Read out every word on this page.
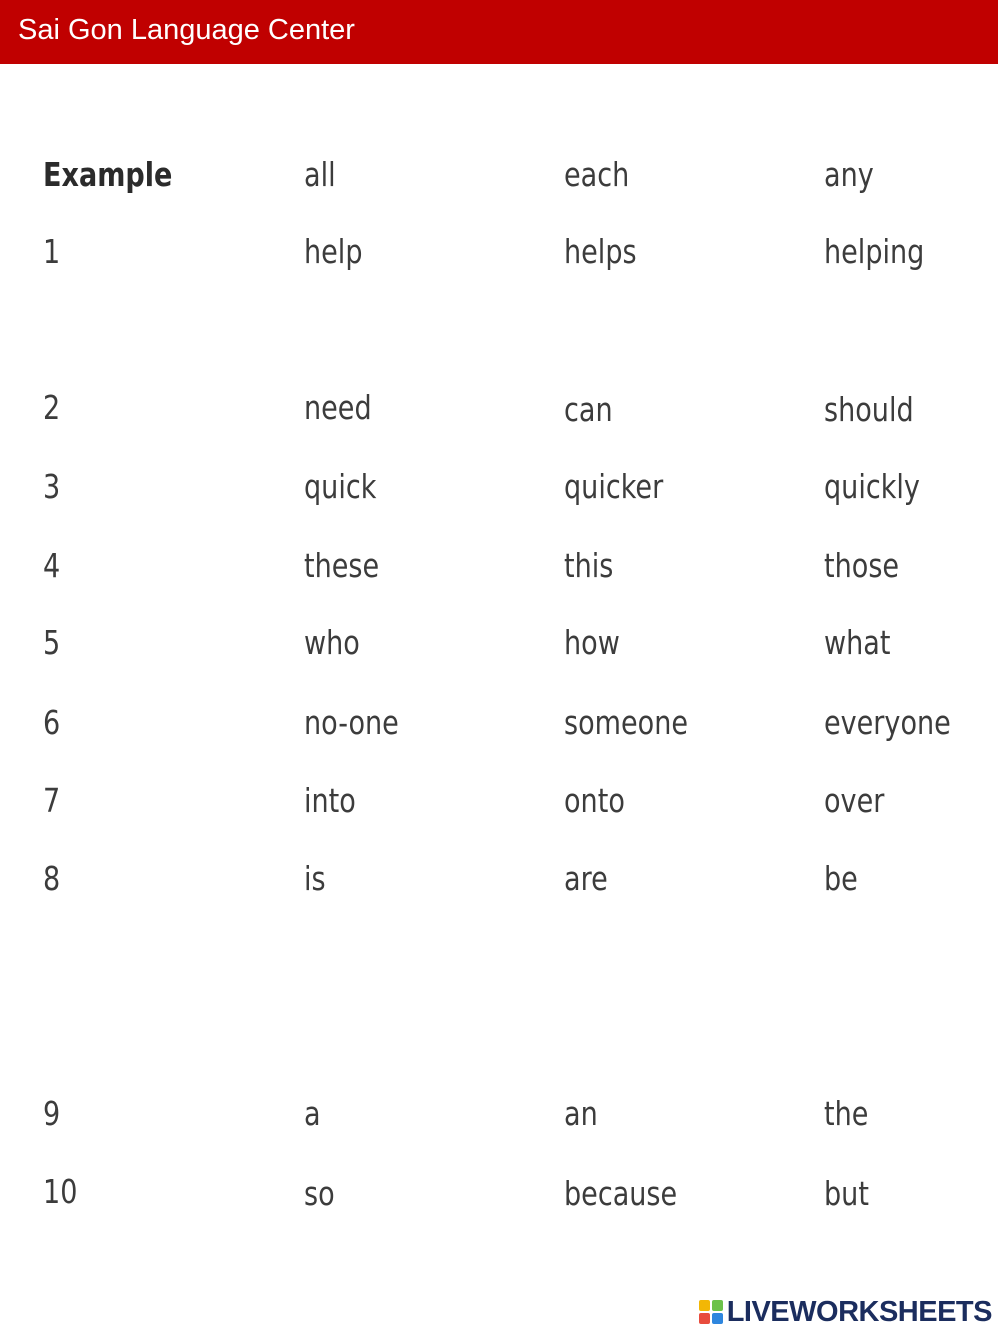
Sai Gon Language Center
Example	all	each	any
1	help	helps	helping
2	need	can	should
3	quick	quicker	quickly
4	these	this	those
5	who	how	what
6	no-one	someone	everyone
7	into	onto	over
8	is	are	be
9	a	an	the
10	so	because	but
LIVEWORKSHEETS
